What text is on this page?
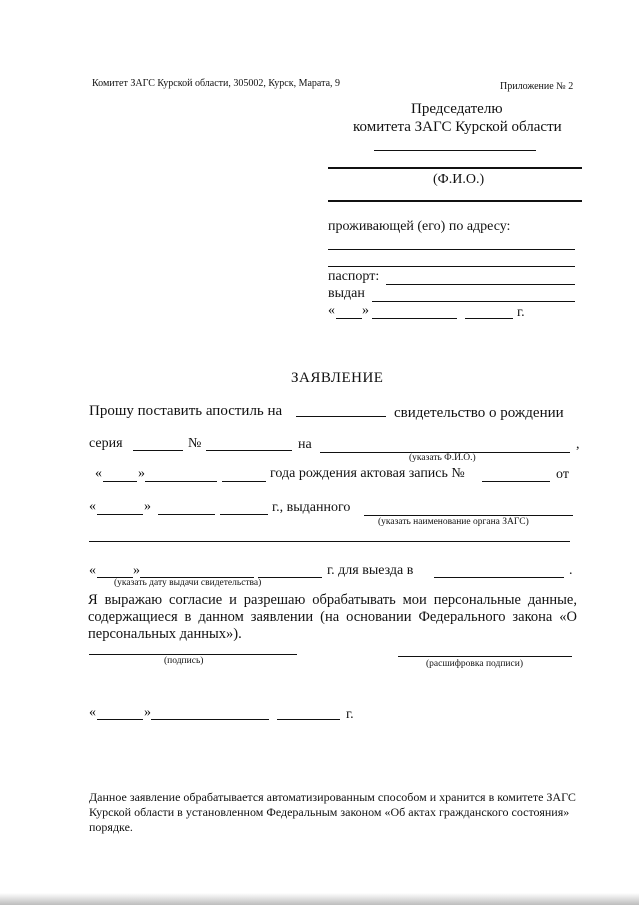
Комитет ЗАГС Курской области, 305002, Курск, Марата, 9	Приложение № 2
Председателю
комитета ЗАГС Курской области
(Ф.И.О.)
проживающей (его) по адресу:
паспорт:
выдан
« »	г.
ЗАЯВЛЕНИЕ
Прошу поставить апостиль на	свидетельство о рождении
серия	№	на	,
(указать Ф.И.О.)
«	»	года рождения актовая запись №	от
«	»	г., выданного
(указать наименование органа ЗАГС)
«	»	г. для выезда в	.
(указать дату выдачи свидетельства)
Я выражаю согласие и разрешаю обрабатывать мои персональные данные, содержащиеся в данном заявлении (на основании Федерального закона «О персональных данных»).
(подпись)	(расшифровка подписи)
«	»	г.
Данное заявление обрабатывается автоматизированным способом и хранится в комитете ЗАГС Курской области в установленном Федеральным законом «Об актах гражданского состояния» порядке.
